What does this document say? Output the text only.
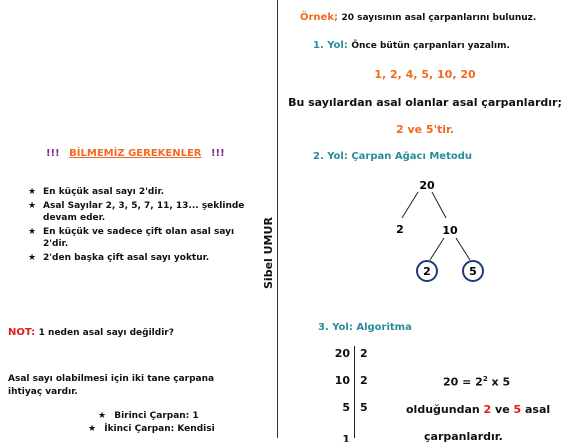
!!! BİLMEMİZ GEREKENLER !!!
★ En küçük asal sayı 2'dir.
★ Asal Sayılar 2, 3, 5, 7, 11, 13... şeklinde devam eder.
★ En küçük ve sadece çift olan asal sayı 2'dir.
★ 2'den başka çift asal sayı yoktur.
NOT: 1 neden asal sayı değildir?
Asal sayı olabilmesi için iki tane çarpana ihtiyaç vardır.
★ Birinci Çarpan: 1
★ İkinci Çarpan: Kendisi
Sibel UMUR
Örnek; 20 sayısının asal çarpanlarını bulunuz.
1. Yol: Önce bütün çarpanları yazalım.
1, 2, 4, 5, 10, 20
Bu sayılardan asal olanlar asal çarpanlardır;
2 ve 5'tir.
2. Yol: Çarpan Ağacı Metodu
20
2	10
2	5
3. Yol: Algoritma
20 2
10 2
5 5
1
$20 = 2^2$ x 5
olduğundan 2 ve 5 asal
çarpanlardır.
